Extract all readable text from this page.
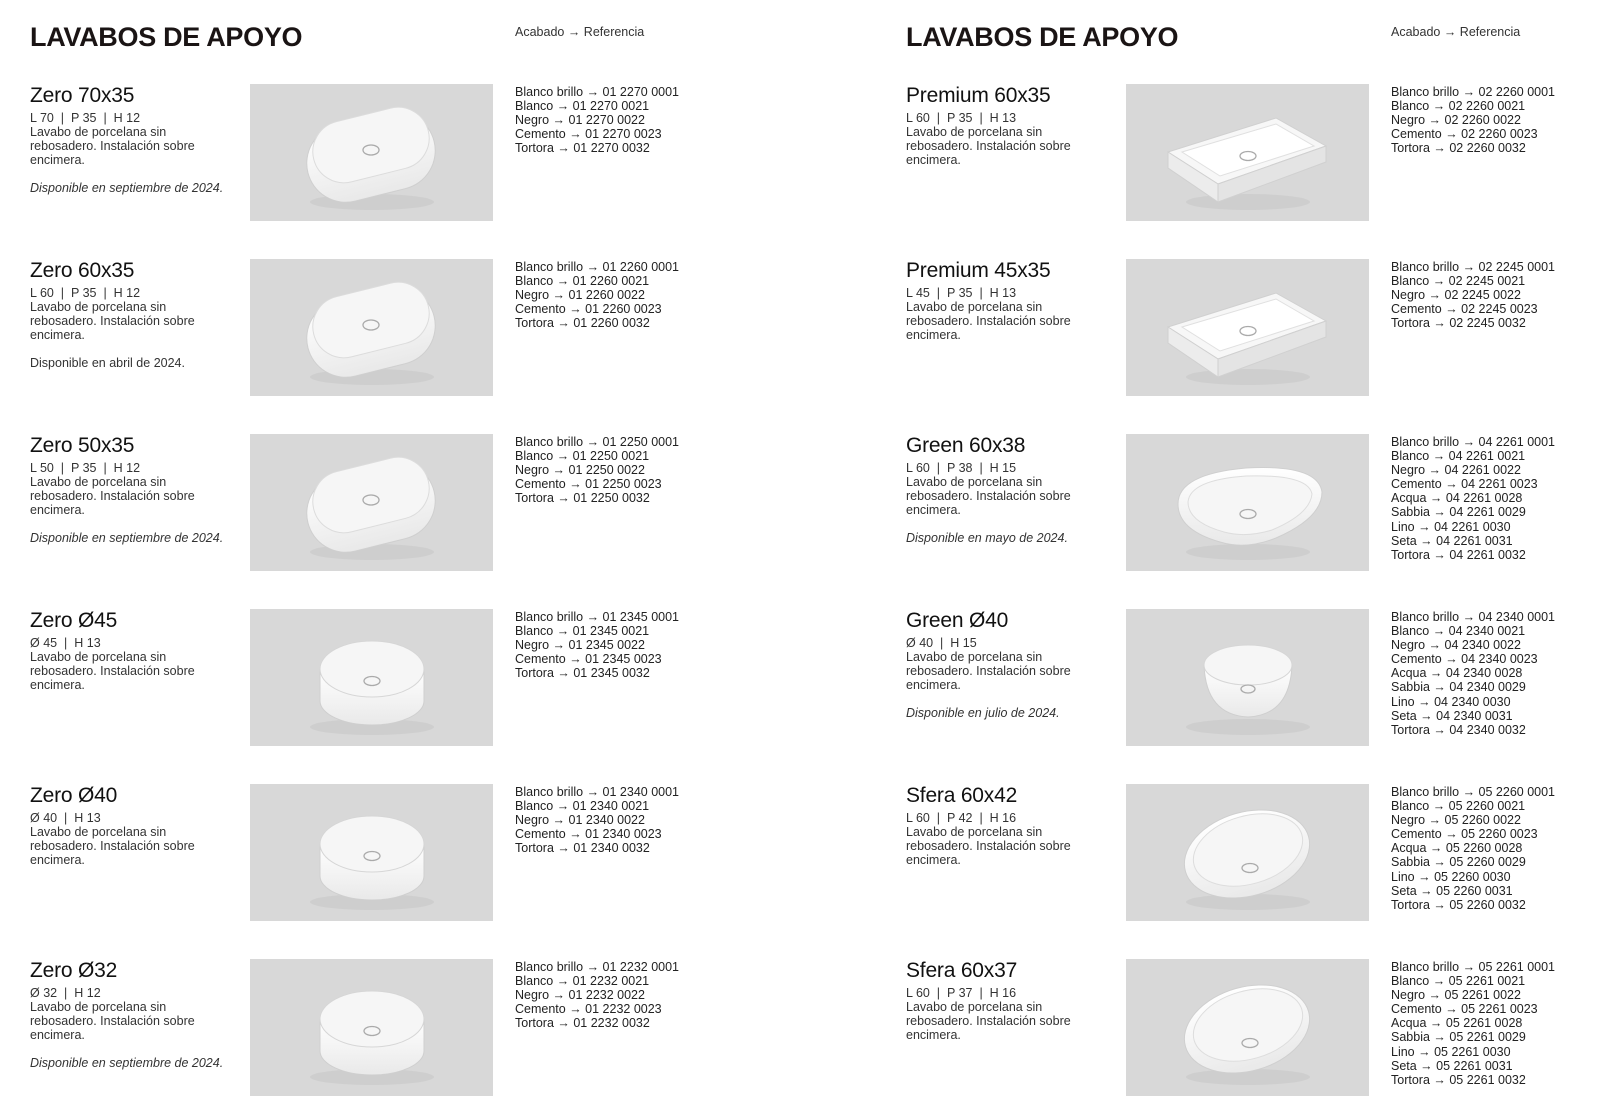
LAVABOS DE APOYO	Acabado → Referencia
Zero 70x35

L 70  |  P 35  |  H 12

Lavabo de porcelana sin rebosadero. Instalación sobre encimera.

Disponible en septiembre de 2024.

Blanco brillo → 01 2270 0001
Blanco → 01 2270 0021
Negro → 01 2270 0022
Cemento → 01 2270 0023
Tortora → 01 2270 0032
Zero 60x35

L 60  |  P 35  |  H 12

Lavabo de porcelana sin rebosadero. Instalación sobre encimera.

Disponible en abril de 2024.

Blanco brillo → 01 2260 0001
Blanco → 01 2260 0021
Negro → 01 2260 0022
Cemento → 01 2260 0023
Tortora → 01 2260 0032
Zero 50x35

L 50  |  P 35  |  H 12

Lavabo de porcelana sin rebosadero. Instalación sobre encimera.

Disponible en septiembre de 2024.

Blanco brillo → 01 2250 0001
Blanco → 01 2250 0021
Negro → 01 2250 0022
Cemento → 01 2250 0023
Tortora → 01 2250 0032
Zero Ø45

Ø 45  |  H 13

Lavabo de porcelana sin rebosadero. Instalación sobre encimera.

Blanco brillo → 01 2345 0001
Blanco → 01 2345 0021
Negro → 01 2345 0022
Cemento → 01 2345 0023
Tortora → 01 2345 0032
Zero Ø40

Ø 40  |  H 13

Lavabo de porcelana sin rebosadero. Instalación sobre encimera.

Blanco brillo → 01 2340 0001
Blanco → 01 2340 0021
Negro → 01 2340 0022
Cemento → 01 2340 0023
Tortora → 01 2340 0032
Zero Ø32

Ø 32  |  H 12

Lavabo de porcelana sin rebosadero. Instalación sobre encimera.

Disponible en septiembre de 2024.

Blanco brillo → 01 2232 0001
Blanco → 01 2232 0021
Negro → 01 2232 0022
Cemento → 01 2232 0023
Tortora → 01 2232 0032
LAVABOS DE APOYO	Acabado → Referencia
Premium 60x35

L 60  |  P 35  |  H 13

Lavabo de porcelana sin rebosadero. Instalación sobre encimera.

Blanco brillo → 02 2260 0001
Blanco → 02 2260 0021
Negro → 02 2260 0022
Cemento → 02 2260 0023
Tortora → 02 2260 0032
Premium 45x35

L 45  |  P 35  |  H 13

Lavabo de porcelana sin rebosadero. Instalación sobre encimera.

Blanco brillo → 02 2245 0001
Blanco → 02 2245 0021
Negro → 02 2245 0022
Cemento → 02 2245 0023
Tortora → 02 2245 0032
Green 60x38

L 60  |  P 38  |  H 15

Lavabo de porcelana sin rebosadero. Instalación sobre encimera.

Disponible en mayo de 2024.

Blanco brillo → 04 2261 0001
Blanco → 04 2261 0021
Negro → 04 2261 0022
Cemento → 04 2261 0023
Acqua → 04 2261 0028
Sabbia → 04 2261 0029
Lino → 04 2261 0030
Seta → 04 2261 0031
Tortora → 04 2261 0032
Green Ø40

Ø 40  |  H 15

Lavabo de porcelana sin rebosadero. Instalación sobre encimera.

Disponible en julio de 2024.

Blanco brillo → 04 2340 0001
Blanco → 04 2340 0021
Negro → 04 2340 0022
Cemento → 04 2340 0023
Acqua → 04 2340 0028
Sabbia → 04 2340 0029
Lino → 04 2340 0030
Seta → 04 2340 0031
Tortora → 04 2340 0032
Sfera 60x42

L 60  |  P 42  |  H 16

Lavabo de porcelana sin rebosadero. Instalación sobre encimera.

Blanco brillo → 05 2260 0001
Blanco → 05 2260 0021
Negro → 05 2260 0022
Cemento → 05 2260 0023
Acqua → 05 2260 0028
Sabbia → 05 2260 0029
Lino → 05 2260 0030
Seta → 05 2260 0031
Tortora → 05 2260 0032
Sfera 60x37

L 60  |  P 37  |  H 16

Lavabo de porcelana sin rebosadero. Instalación sobre encimera.

Blanco brillo → 05 2261 0001
Blanco → 05 2261 0021
Negro → 05 2261 0022
Cemento → 05 2261 0023
Acqua → 05 2261 0028
Sabbia → 05 2261 0029
Lino → 05 2261 0030
Seta → 05 2261 0031
Tortora → 05 2261 0032
